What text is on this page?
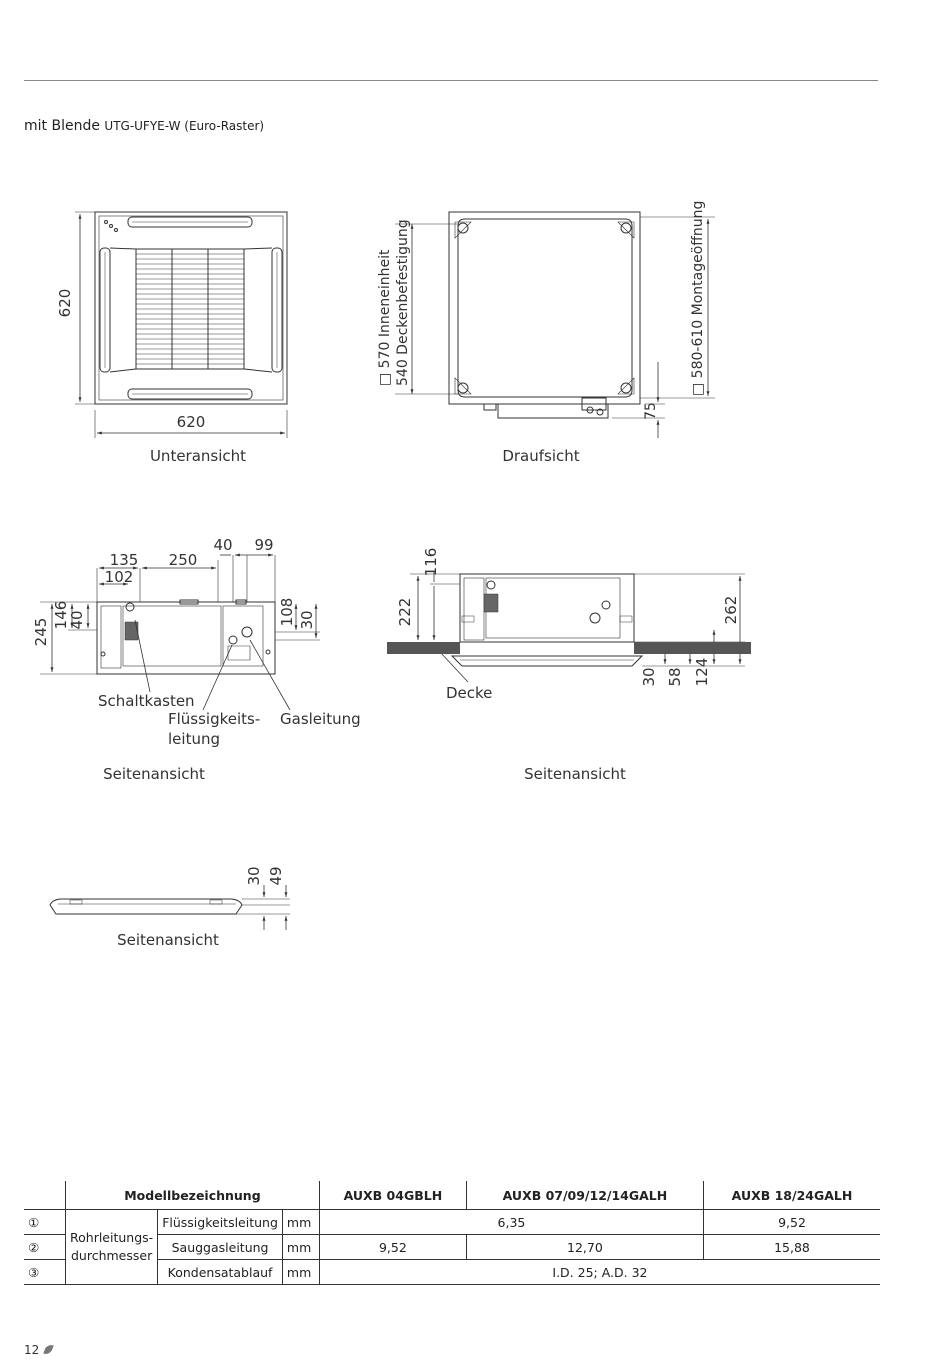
mit Blende UTG-UFYE-W (Euro-Raster)
620
620
Unteransicht
□ 570 Inneneinheit 540 Deckenbefestigung	□ 580-610 Montageöffnung
75
Draufsicht
135 250
40 99
102
245
146
40	108 30
Schaltkasten
Flüssigkeits-
leitung
Gasleitung
Seitenansicht
116
222	262
30 58 124
Decke
Seitenansicht
30 49
Seitenansicht
	Modellbezeichnung			AUXB 04GBLH	AUXB 07/09/12/14GALH	AUXB 18/24GALH
①	Rohrleitungs-
durchmesser	Flüssigkeitsleitung	mm	6,35		9,52
②		Sauggasleitung	mm	9,52	12,70	15,88
③		Kondensatablauf	mm	I.D. 25; A.D. 32		
12
